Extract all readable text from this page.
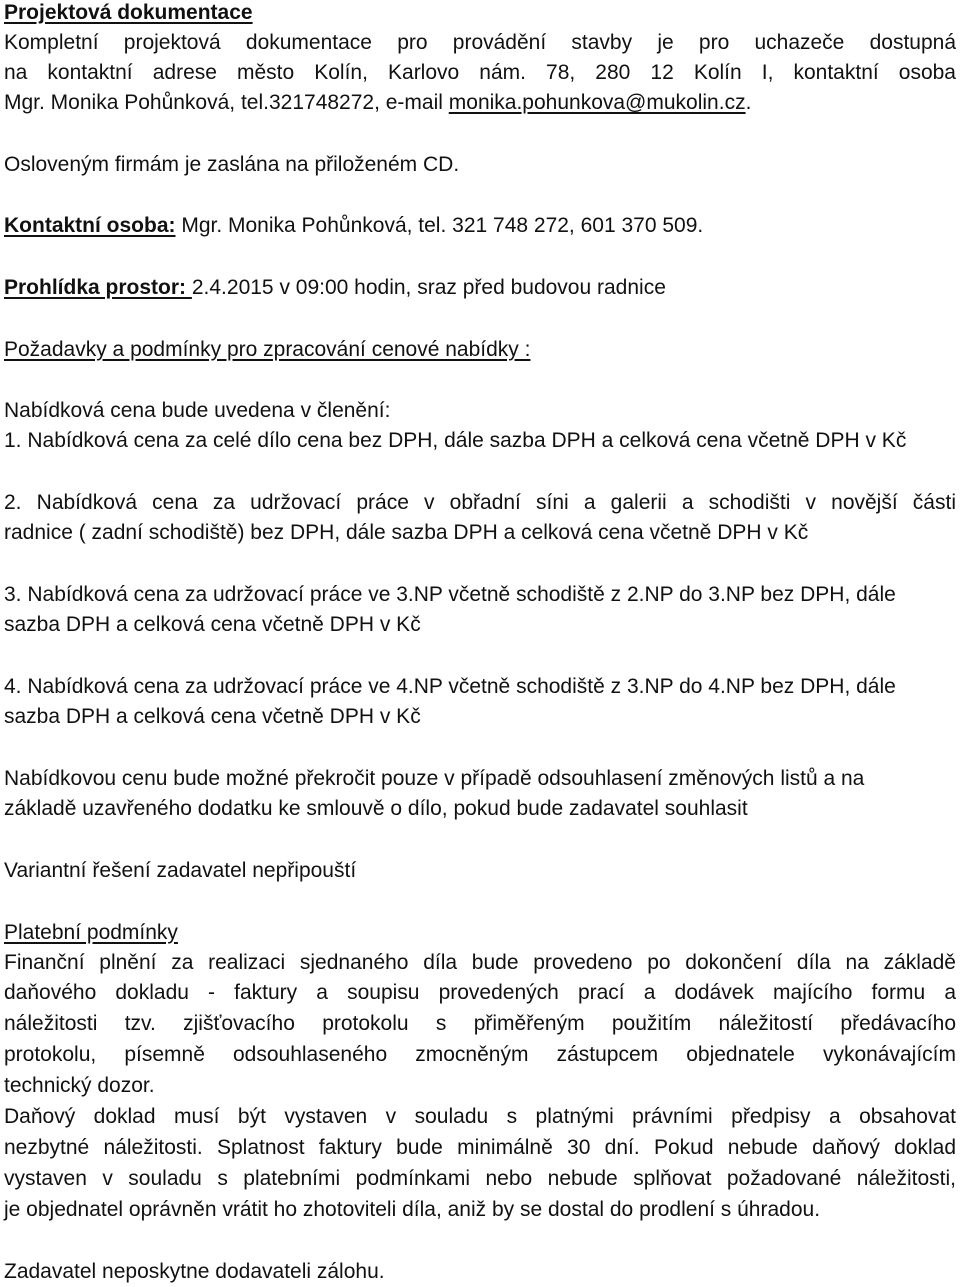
Projektová dokumentace
Kompletní projektová dokumentace pro provádění stavby je pro uchazeče dostupná
na kontaktní adrese město Kolín, Karlovo nám. 78, 280 12 Kolín I, kontaktní osoba
Mgr. Monika Pohůnková, tel.321748272, e-mail monika.pohunkova@mukolin.cz.
Osloveným firmám je zaslána na přiloženém CD.
Kontaktní osoba: Mgr. Monika Pohůnková, tel. 321 748 272, 601 370 509.
Prohlídka prostor: 2.4.2015 v 09:00 hodin, sraz před budovou radnice
Požadavky a podmínky pro zpracování cenové nabídky :
Nabídková cena bude uvedena v členění:
1. Nabídková cena za celé dílo cena bez DPH, dále sazba DPH a celková cena včetně DPH v Kč
2. Nabídková cena za udržovací práce v obřadní síni a galerii a schodišti v novější části
radnice ( zadní schodiště) bez DPH, dále sazba DPH a celková cena včetně DPH v Kč
3. Nabídková cena za udržovací práce ve 3.NP včetně schodiště z 2.NP do 3.NP bez DPH, dále
sazba DPH a celková cena včetně DPH v Kč
4. Nabídková cena za udržovací práce ve 4.NP včetně schodiště z 3.NP do 4.NP bez DPH, dále
sazba DPH a celková cena včetně DPH v Kč
Nabídkovou cenu bude možné překročit pouze v případě odsouhlasení změnových listů a na
základě uzavřeného dodatku ke smlouvě o dílo, pokud bude zadavatel souhlasit
Variantní řešení zadavatel nepřipouští
Platební podmínky
Finanční plnění za realizaci sjednaného díla bude provedeno po dokončení díla na základě
daňového dokladu - faktury a soupisu provedených prací a dodávek majícího formu a
náležitosti tzv. zjišťovacího protokolu s přiměřeným použitím náležitostí předávacího
protokolu, písemně odsouhlaseného zmocněným zástupcem objednatele vykonávajícím
technický dozor.
Daňový doklad musí být vystaven v souladu s platnými právními předpisy a obsahovat
nezbytné náležitosti. Splatnost faktury bude minimálně 30 dní. Pokud nebude daňový doklad
vystaven v souladu s platebními podmínkami nebo nebude splňovat požadované náležitosti,
je objednatel oprávněn vrátit ho zhotoviteli díla, aniž by se dostal do prodlení s úhradou.
Zadavatel neposkytne dodavateli zálohu.
